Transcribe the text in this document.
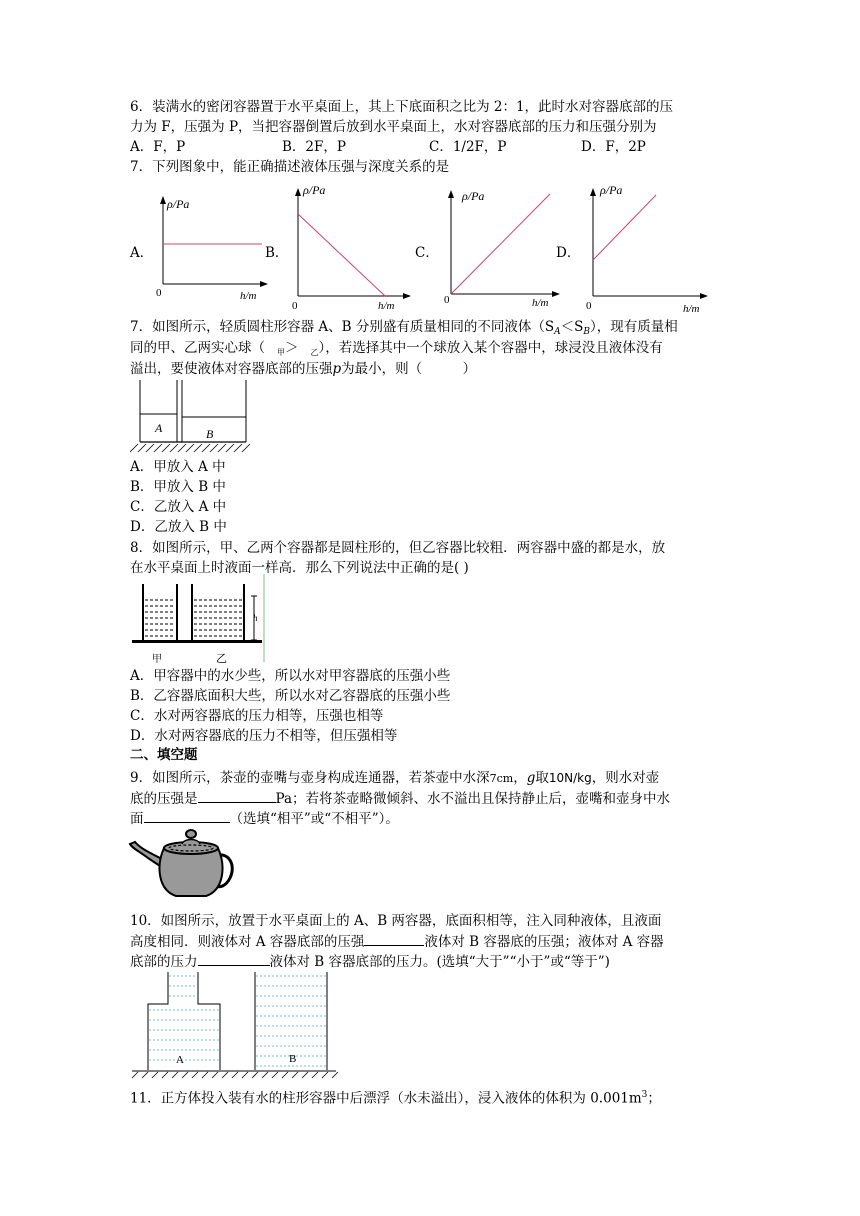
6．装满水的密闭容器置于水平桌面上，其上下底面积之比为 2：1，此时水对容器底部的压
力为 F，压强为 P，当把容器倒置后放到水平桌面上，水对容器底部的压力和压强分别为
A．F，P	B．2F，P	C．1/2F，P	D．F，2P
7．下列图象中，能正确描述液体压强与深度关系的是
A．
ρ/Pa
0	h/m
B．
ρ/Pa
0	h/m
C．
ρ/Pa
0	h/m
D．
ρ/Pa
0	h/m
7．如图所示，轻质圆柱形容器 A、B 分别盛有质量相同的不同液体$(S_A<S_B)$，现有质量相
同的甲、乙两实心球（ $_甲$＞ $_乙$），若选择其中一个球放入某个容器中，球浸没且液体没有
溢出，要使液体对容器底部的压强p为最小，则（　　　）
A	B
A．甲放入 A 中
B．甲放入 B 中
C．乙放入 A 中
D．乙放入 B 中
8．如图所示，甲、乙两个容器都是圆柱形的，但乙容器比较粗．两容器中盛的都是水，放
在水平桌面上时液面一样高．那么下列说法中正确的是( )
h
甲	乙
A．甲容器中的水少些，所以水对甲容器底的压强小些
B．乙容器底面积大些，所以水对乙容器底的压强小些
C．水对两容器底的压力相等，压强也相等
D．水对两容器底的压力不相等，但压强相等
二、填空题
9．如图所示，茶壶的壶嘴与壶身构成连通器，若茶壶中水深7cm，g取10N/kg，则水对壶
底的压强是	Pa；若将茶壶略微倾斜、水不溢出且保持静止后，壶嘴和壶身中水
面	（选填“相平”或“不相平”）。
10．如图所示，放置于水平桌面上的 A、B 两容器，底面积相等，注入同种液体，且液面
高度相同．则液体对 A 容器底部的压强	液体对 B 容器底的压强；液体对 A 容器
底部的压力	液体对 B 容器底部的压力。(选填“大于”“小于”或“等于”)
A	B
11．正方体投入装有水的柱形容器中后漂浮（水未溢出），浸入液体的体积为 $0.001m^3$；
